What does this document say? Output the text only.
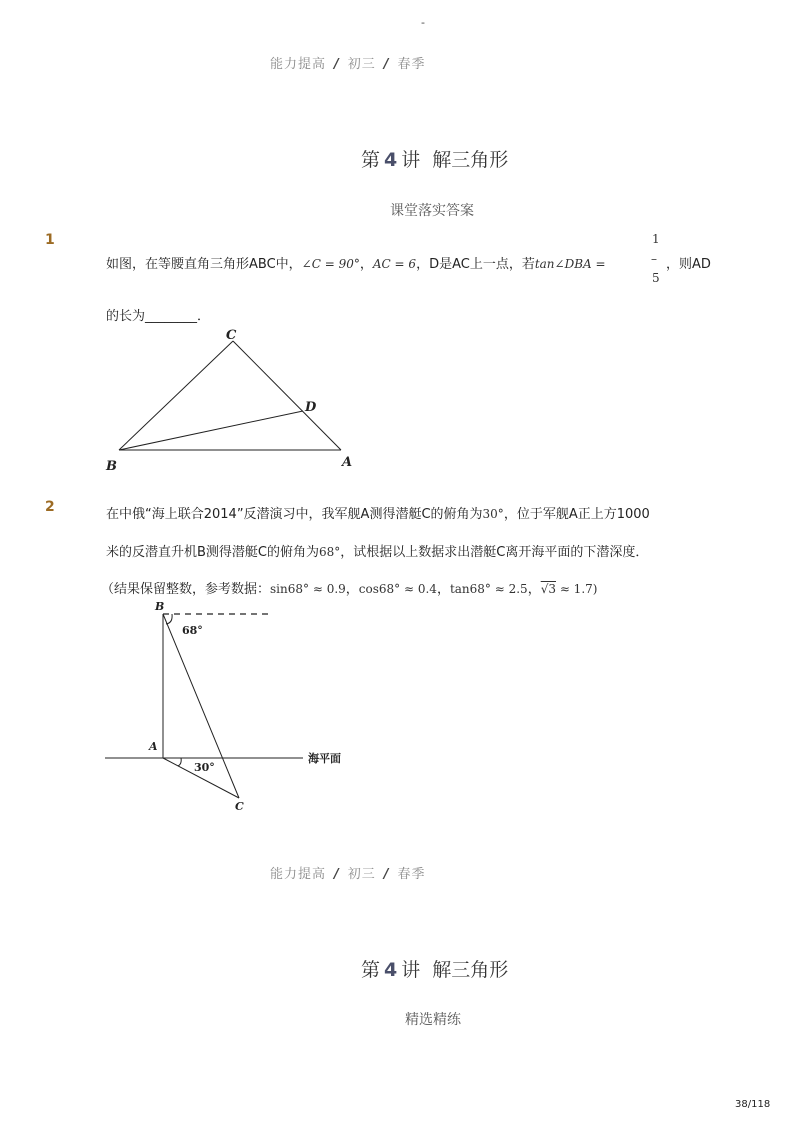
-
能力提高 / 初三 / 春季
第 4 讲 解三角形
课堂落实答案
1
如图，在等腰直角三角形ABC中，∠C = 90°，AC = 6，D是AC上一点，若tan∠DBA =
1
–
5
，则AD
的长为________．
C
D
B	A
2	在中俄“海上联合2014”反潜演习中，我军舰A测得潜艇C的俯角为30°，位于军舰A正上方1000
米的反潜直升机B测得潜艇C的俯角为68°，试根据以上数据求出潜艇C离开海平面的下潜深度．
（结果保留整数，参考数据：sin68° ≈ 0.9，cos68° ≈ 0.4，tan68° ≈ 2.5，√3 ≈ 1.7)
B
68°
A
30°
海平面
C
能力提高 / 初三 / 春季
第 4 讲 解三角形
精选精练
38/118
